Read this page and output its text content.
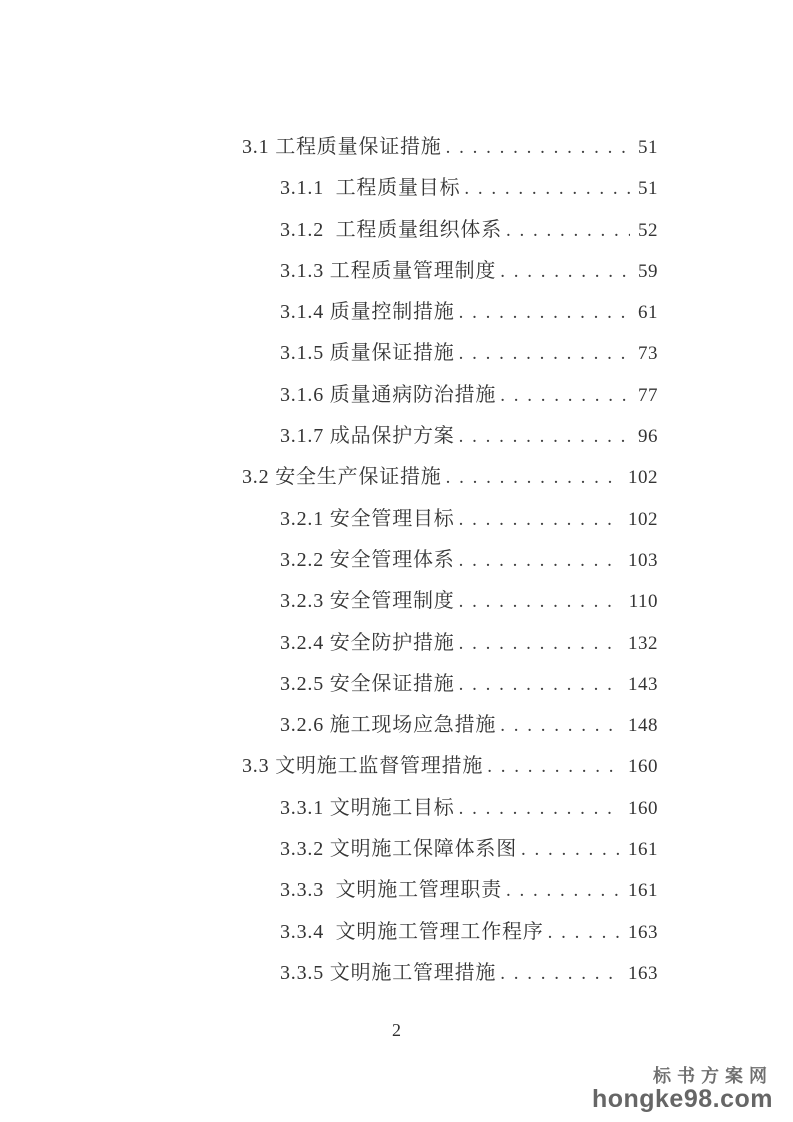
3.1 工程质量保证措施 . . .	51
3.1.1  工程质量目标 . . .	51
3.1.2  工程质量组织体系 . . .	52
3.1.3 工程质量管理制度 . . .	59
3.1.4 质量控制措施 . . .	61
3.1.5 质量保证措施 . . .	73
3.1.6 质量通病防治措施 . . .	77
3.1.7 成品保护方案 . . .	96
3.2 安全生产保证措施 . . .	102
3.2.1 安全管理目标 . . .	102
3.2.2 安全管理体系 . . .	103
3.2.3 安全管理制度 . . .	110
3.2.4 安全防护措施 . . .	132
3.2.5 安全保证措施 . . .	143
3.2.6 施工现场应急措施 . . .	148
3.3 文明施工监督管理措施 . . .	160
3.3.1 文明施工目标 . . .	160
3.3.2 文明施工保障体系图 . . .	161
3.3.3  文明施工管理职责 . . .	161
3.3.4  文明施工管理工作程序 . . .	163
3.3.5 文明施工管理措施 . . .	163
2
标书方案网
hongke98.com
